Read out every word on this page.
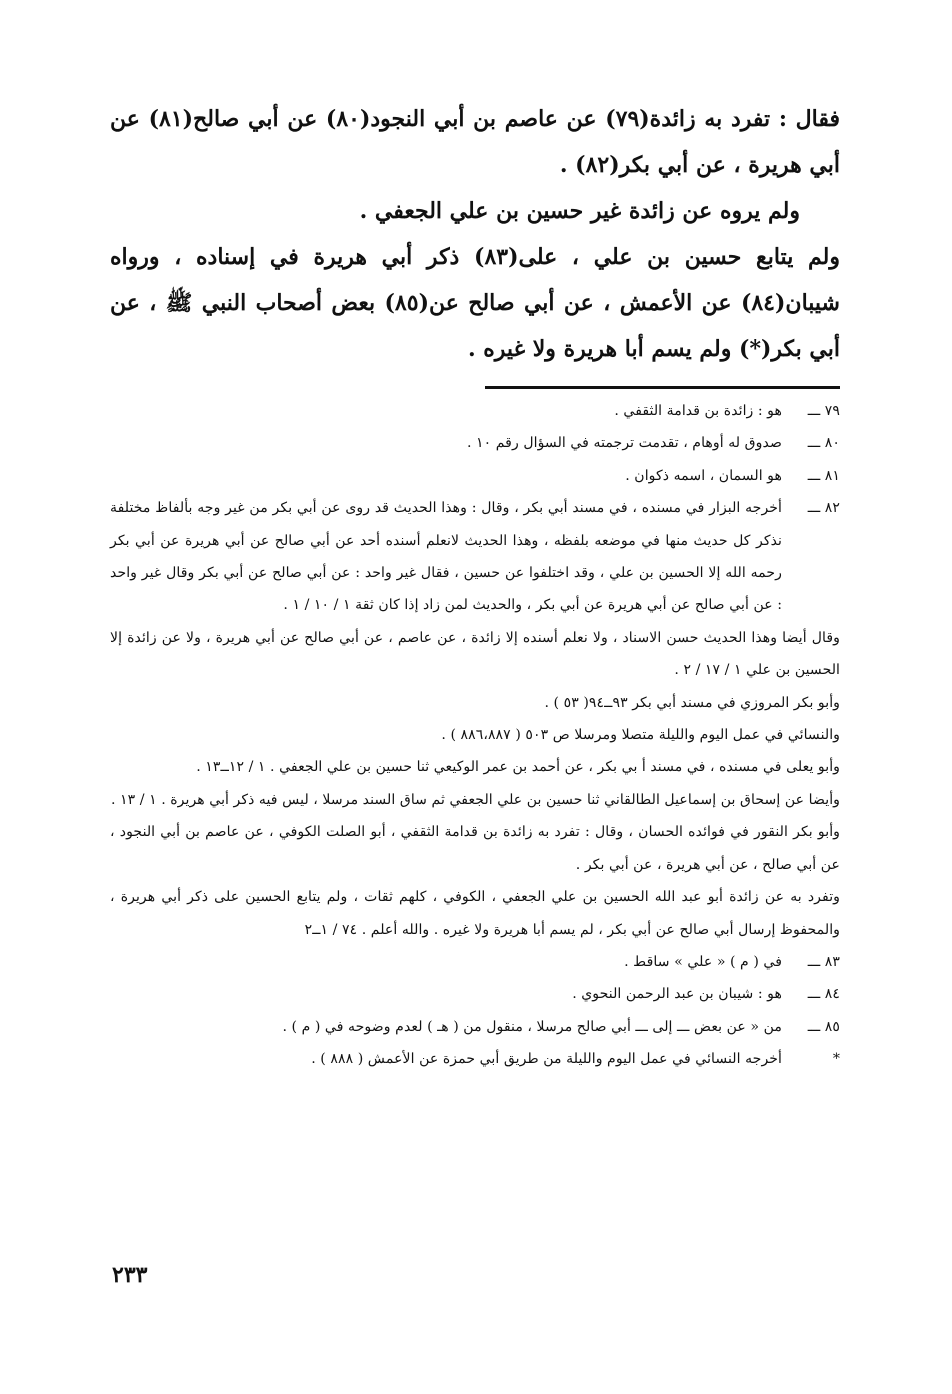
فقال : تفرد به زائدة(٧٩) عن عاصم بن أبي النجود(٨٠) عن أبي صالح(٨١) عن أبي هريرة ، عن أبي بكر(٨٢) .

ولم يروه عن زائدة غير حسين بن علي الجعفي .

ولم يتابع حسين بن علي ، على(٨٣) ذكر أبي هريرة في إسناده ، ورواه شيبان(٨٤) عن الأعمش ، عن أبي صالح عن(٨٥) بعض أصحاب النبي ﷺ ، عن أبي بكر(*) ولم يسم أبا هريرة ولا غيره .

٧٩ ـــ

هو : زائدة بن قدامة الثقفي .

٨٠ ـــ

صدوق له أوهام ، تقدمت ترجمته في السؤال رقم ١٠ .

٨١ ـــ

هو السمان ، اسمه ذكوان .

٨٢ ـــ

أخرجه البزار في مسنده ، في مسند أبي بكر ، وقال : وهذا الحديث قد روى عن أبي بكر من غير وجه بألفاظ مختلفة نذكر كل حديث منها في موضعه بلفظه ، وهذا الحديث لانعلم أسنده أحد عن أبي صالح عن أبي هريرة عن أبي بكر رحمه الله إلا الحسين بن علي ، وقد اختلفوا عن حسين ، فقال غير واحد : عن أبي صالح عن أبي بكر وقال غير واحد : عن أبي صالح عن أبي هريرة عن أبي بكر ، والحديث لمن زاد إذا كان ثقة ١ / ١٠ / ١ .

وقال أيضا وهذا الحديث حسن الاسناد ، ولا نعلم أسنده إلا زائدة ، عن عاصم ، عن أبي صالح عن أبي هريرة ، ولا عن زائدة إلا الحسين بن علي ١ / ١٧ / ٢ .

وأبو بكر المروزي في مسند أبي بكر ٩٣ــ٩٤( ٥٣ ) .

والنسائي في عمل اليوم والليلة متصلا ومرسلا ص ٥٠٣ ( ٨٨٦،٨٨٧ ) .

وأبو يعلى في مسنده ، في مسند أ بي بكر ، عن أحمد بن عمر الوكيعي ثنا حسين بن علي الجعفي . ١ / ١٢ــ١٣ .

وأيضا عن إسحاق بن إسماعيل الطالقاني ثنا حسين بن علي الجعفي ثم ساق السند مرسلا ، ليس فيه ذكر أبي هريرة . ١ / ١٣ .

وأبو بكر النقور في فوائده الحسان ، وقال : تفرد به زائدة بن قدامة الثقفي ، أبو الصلت الكوفي ، عن عاصم بن أبي النجود ، عن أبي صالح ، عن أبي هريرة ، عن أبي بكر .

وتفرد به عن زائدة أبو عبد الله الحسين بن علي الجعفي ، الكوفي ، كلهم ثقات ، ولم يتابع الحسين على ذكر أبي هريرة ، والمحفوظ إرسال أبي صالح عن أبي بكر ، لم يسم أبا هريرة ولا غيره . والله أعلم . ٧٤ / ١ــ٢

٨٣ ـــ

في ( م ) « علي » ساقط .

٨٤ ـــ

هو : شيبان بن عبد الرحمن النحوي .

٨٥ ـــ

من « عن بعض ـــ إلى ـــ أبي صالح مرسلا ، منقول من ( هـ ) لعدم وضوحه في ( م ) .

*

أخرجه النسائي في عمل اليوم والليلة من طريق أبي حمزة عن الأعمش ( ٨٨٨ ) .

٢٣٣
